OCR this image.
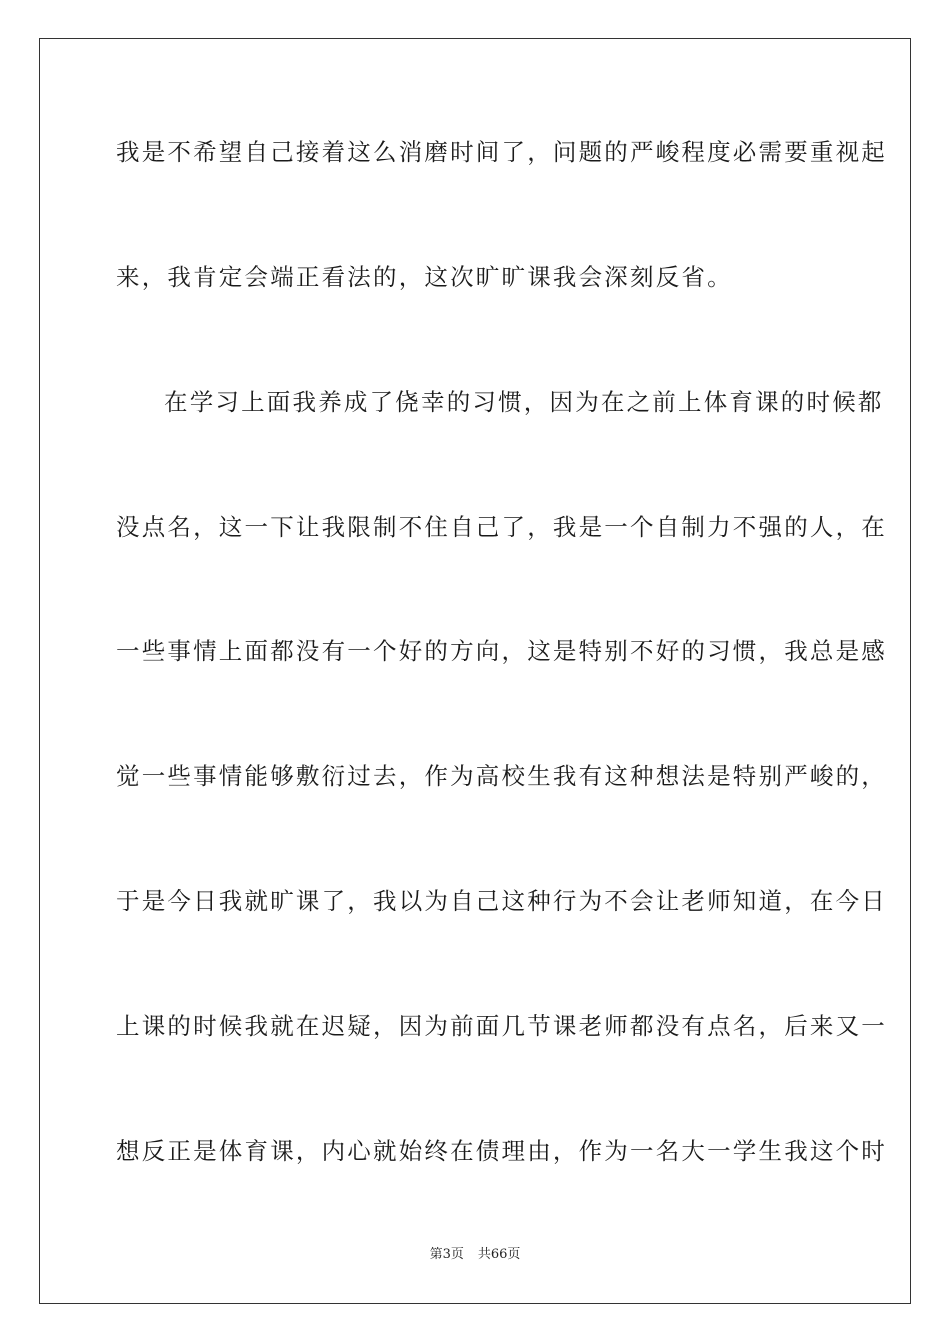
我是不希望自己接着这么消磨时间了，问题的严峻程度必需要重视起
来，我肯定会端正看法的，这次旷旷课我会深刻反省。
在学习上面我养成了侥幸的习惯，因为在之前上体育课的时候都
没点名，这一下让我限制不住自己了，我是一个自制力不强的人，在
一些事情上面都没有一个好的方向，这是特别不好的习惯，我总是感
觉一些事情能够敷衍过去，作为高校生我有这种想法是特别严峻的，
于是今日我就旷课了，我以为自己这种行为不会让老师知道，在今日
上课的时候我就在迟疑，因为前面几节课老师都没有点名，后来又一
想反正是体育课，内心就始终在债理由，作为一名大一学生我这个时
第3页 共66页
